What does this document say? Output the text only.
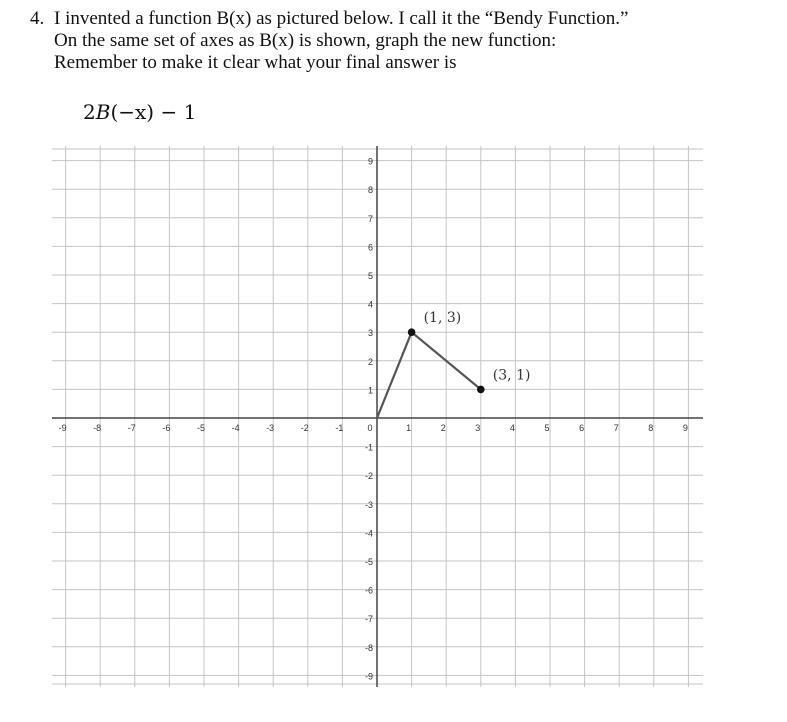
4. I invented a function B(x) as pictured below. I call it the “Bendy Function.”
On the same set of axes as B(x) is shown, graph the new function:
Remember to make it clear what your final answer is
2B(−x) − 1
-9	-8	-7	-6	-5	-4	-3	-2	-1	0	1	2	3	4	5	6	7	8	9
9
8
7
6
5
4
3
2
1
-1
-2
-3
-4
-5
-6
-7
-8
-9
(1, 3)
(3, 1)
